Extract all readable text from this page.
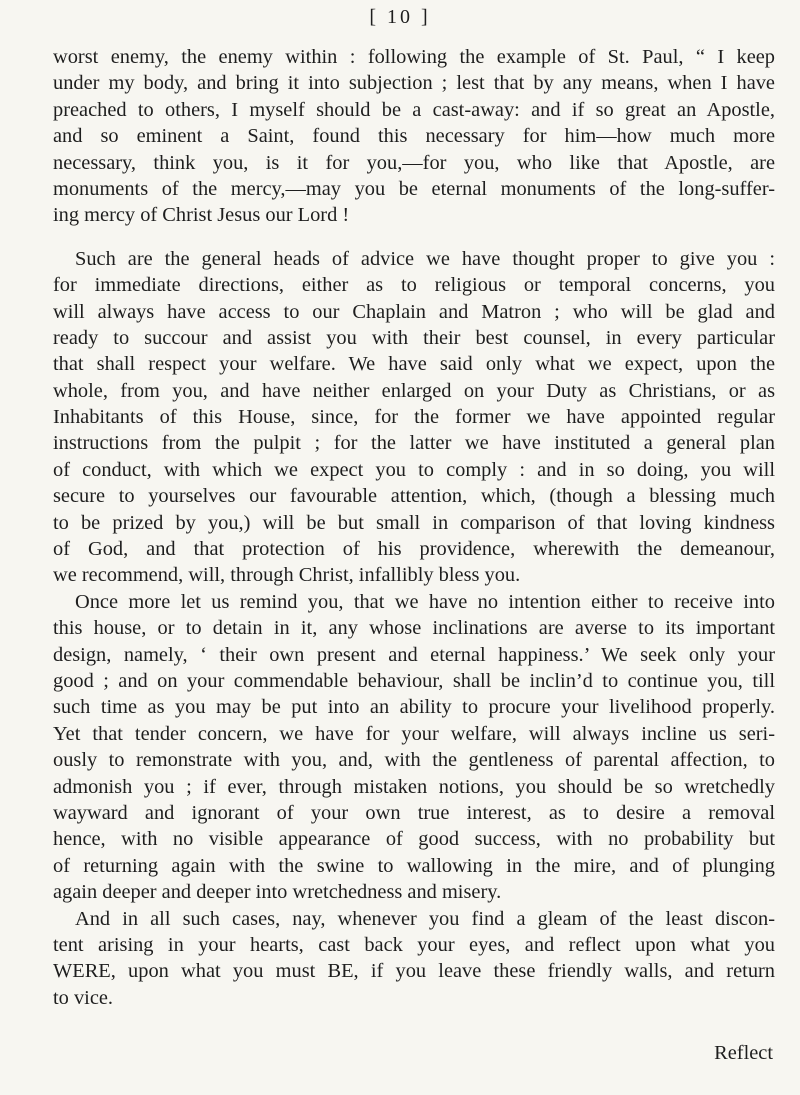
[ 10 ]
worst enemy, the enemy within : following the example of St. Paul, “ I keep
under my body, and bring it into subjection ; lest that by any means, when I have
preached to others, I myself should be a cast-away: and if so great an Apostle,
and so eminent a Saint, found this necessary for him—how much more
necessary, think you, is it for you,—for you, who like that Apostle, are
monuments of the mercy,—may you be eternal monuments of the long-suffer-
ing mercy of Christ Jesus our Lord !
Such are the general heads of advice we have thought proper to give you :
for immediate directions, either as to religious or temporal concerns, you
will always have access to our Chaplain and Matron ; who will be glad and
ready to succour and assist you with their best counsel, in every particular
that shall respect your welfare. We have said only what we expect, upon the
whole, from you, and have neither enlarged on your Duty as Christians, or as
Inhabitants of this House, since, for the former we have appointed regular
instructions from the pulpit ; for the latter we have instituted a general plan
of conduct, with which we expect you to comply : and in so doing, you will
secure to yourselves our favourable attention, which, (though a blessing much
to be prized by you,) will be but small in comparison of that loving kindness
of God, and that protection of his providence, wherewith the demeanour,
we recommend, will, through Christ, infallibly bless you.
Once more let us remind you, that we have no intention either to receive into
this house, or to detain in it, any whose inclinations are averse to its important
design, namely, ‘ their own present and eternal happiness.’ We seek only your
good ; and on your commendable behaviour, shall be inclin’d to continue you, till
such time as you may be put into an ability to procure your livelihood properly.
Yet that tender concern, we have for your welfare, will always incline us seri-
ously to remonstrate with you, and, with the gentleness of parental affection, to
admonish you ; if ever, through mistaken notions, you should be so wretchedly
wayward and ignorant of your own true interest, as to desire a removal
hence, with no visible appearance of good success, with no probability but
of returning again with the swine to wallowing in the mire, and of plunging
again deeper and deeper into wretchedness and misery.
And in all such cases, nay, whenever you find a gleam of the least discon-
tent arising in your hearts, cast back your eyes, and reflect upon what you
WERE, upon what you must BE, if you leave these friendly walls, and return
to vice.
Reflect
